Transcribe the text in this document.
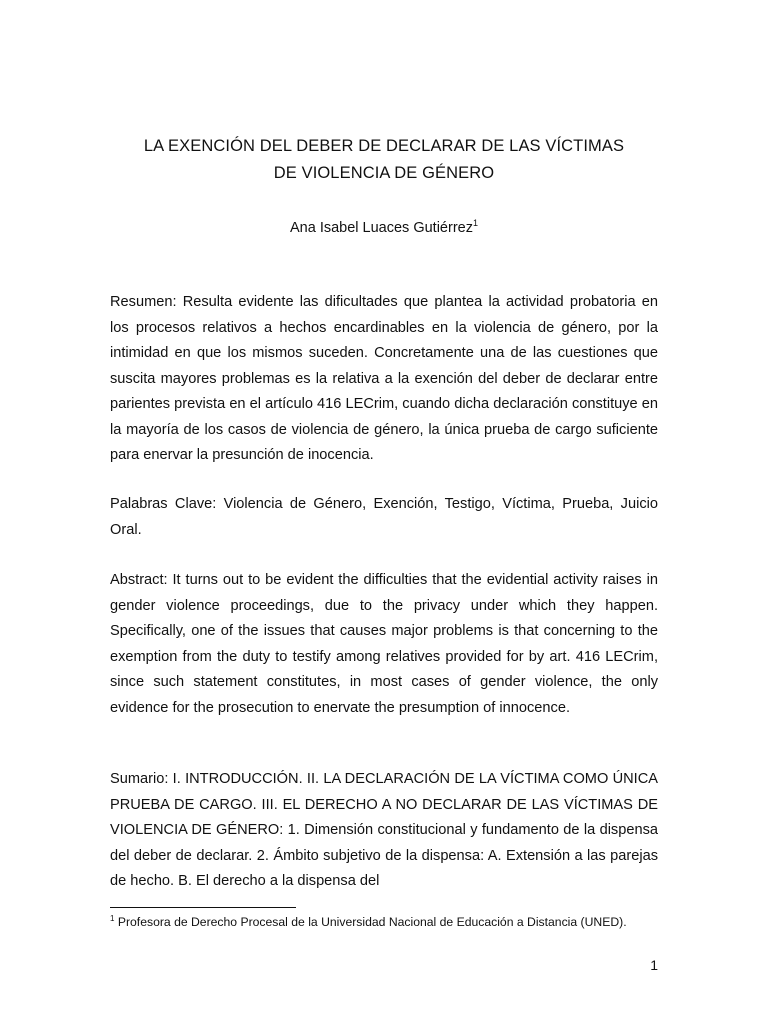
LA EXENCIÓN DEL DEBER DE DECLARAR DE LAS VÍCTIMAS
DE VIOLENCIA DE GÉNERO
Ana Isabel Luaces Gutiérrez$^1$

Resumen: Resulta evidente las dificultades que plantea la actividad probatoria en los procesos relativos a hechos encardinables en la violencia de género, por la intimidad en que los mismos suceden. Concretamente una de las cuestiones que suscita mayores problemas es la relativa a la exención del deber de declarar entre parientes prevista en el artículo 416 LECrim, cuando dicha declaración constituye en la mayoría de los casos de violencia de género, la única prueba de cargo suficiente para enervar la presunción de inocencia.

Palabras Clave: Violencia de Género, Exención, Testigo, Víctima, Prueba, Juicio Oral.

Abstract: It turns out to be evident the difficulties that the evidential activity raises in gender violence proceedings, due to the privacy under which they happen. Specifically, one of the issues that causes major problems is that concerning to the exemption from the duty to testify among relatives provided for by art. 416 LECrim, since such statement constitutes, in most cases of gender violence, the only evidence for the prosecution to enervate the presumption of innocence.

Sumario: I. INTRODUCCIÓN. II. LA DECLARACIÓN DE LA VÍCTIMA COMO ÚNICA PRUEBA DE CARGO. III. EL DERECHO A NO DECLARAR DE LAS VÍCTIMAS DE VIOLENCIA DE GÉNERO: 1. Dimensión constitucional y fundamento de la dispensa del deber de declarar. 2. Ámbito subjetivo de la dispensa: A. Extensión a las parejas de hecho. B. El derecho a la dispensa del

$^1$ Profesora de Derecho Procesal de la Universidad Nacional de Educación a Distancia (UNED).

1
